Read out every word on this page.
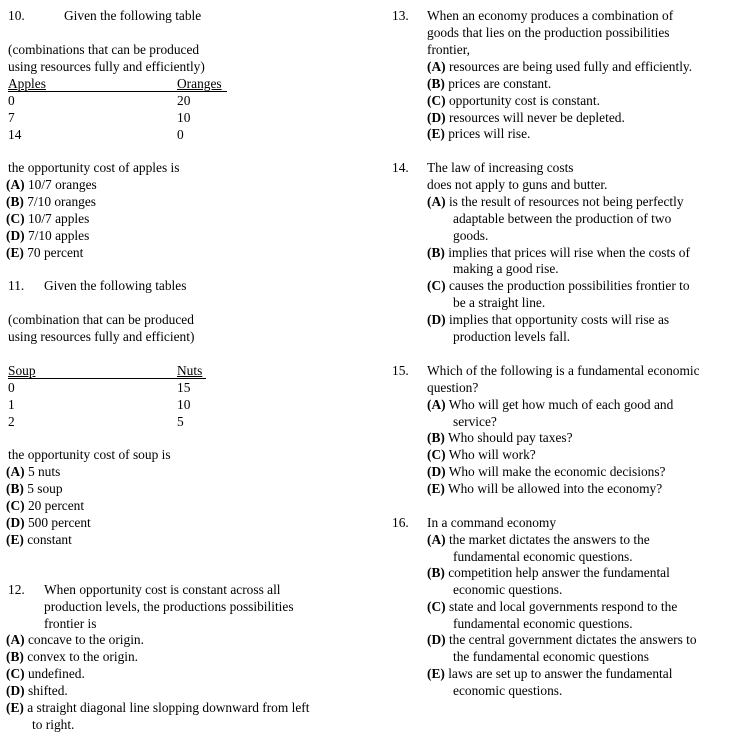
10.	Given the following table
(combinations that can be produced
using resources fully and efficiently)
Apples	Oranges
0	20
7	10
14	0
the opportunity cost of apples is
(A) 10/7 oranges
(B) 7/10 oranges
(C) 10/7 apples
(D) 7/10 apples
(E) 70 percent
11. Given the following tables
(combination that can be produced
using resources fully and efficient)
Soup	Nuts
0	15
1	10
2	5
the opportunity cost of soup is
(A) 5 nuts
(B) 5 soup
(C) 20 percent
(D) 500 percent
(E) constant
12. When opportunity cost is constant across all
production levels, the productions possibilities
frontier is
(A) concave to the origin.
(B) convex to the origin.
(C) undefined.
(D) shifted.
(E) a straight diagonal line slopping downward from left
to right.
13. When an economy produces a combination of
goods that lies on the production possibilities
frontier,
(A) resources are being used fully and efficiently.
(B) prices are constant.
(C) opportunity cost is constant.
(D) resources will never be depleted.
(E) prices will rise.
14. The law of increasing costs
does not apply to guns and butter.
(A) is the result of resources not being perfectly
adaptable between the production of two
goods.
(B) implies that prices will rise when the costs of
making a good rise.
(C) causes the production possibilities frontier to
be a straight line.
(D) implies that opportunity costs will rise as
production levels fall.
15. Which of the following is a fundamental economic
question?
(A) Who will get how much of each good and
service?
(B) Who should pay taxes?
(C) Who will work?
(D) Who will make the economic decisions?
(E) Who will be allowed into the economy?
16. In a command economy
(A) the market dictates the answers to the
fundamental economic questions.
(B) competition help answer the fundamental
economic questions.
(C) state and local governments respond to the
fundamental economic questions.
(D) the central government dictates the answers to
the fundamental economic questions
(E) laws are set up to answer the fundamental
economic questions.
